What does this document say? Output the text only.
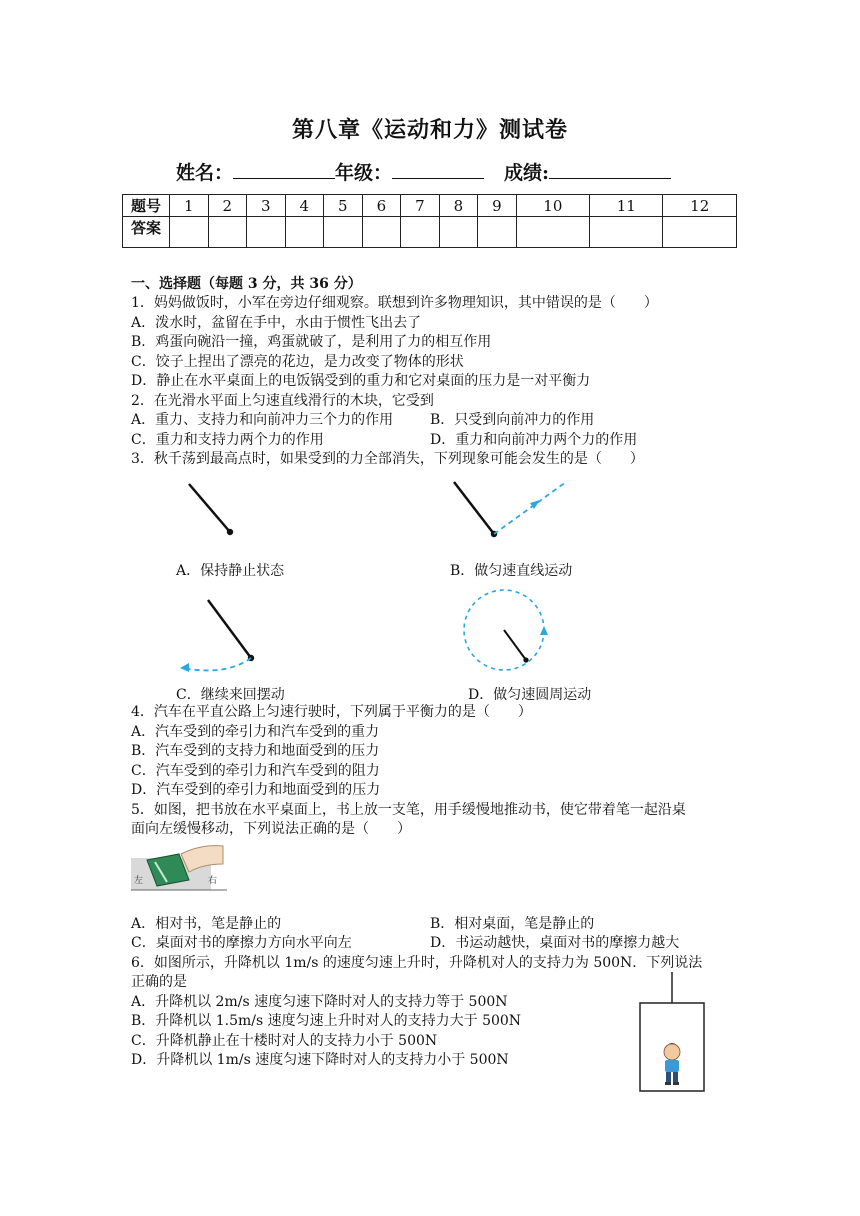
第八章《运动和力》测试卷
姓名：	年级：	成绩:
题号	1	2	3	4	5	6	7	8	9	10	11	12
答案												
一、选择题（每题 3 分，共 36 分）
1．妈妈做饭时，小军在旁边仔细观察。联想到许多物理知识，其中错误的是（　　）
A．泼水时，盆留在手中，水由于惯性飞出去了
B．鸡蛋向碗沿一撞，鸡蛋就破了，是利用了力的相互作用
C．饺子上捏出了漂亮的花边，是力改变了物体的形状
D．静止在水平桌面上的电饭锅受到的重力和它对桌面的压力是一对平衡力
2．在光滑水平面上匀速直线滑行的木块，它受到
A．重力、支持力和向前冲力三个力的作用	B．只受到向前冲力的作用
C．重力和支持力两个力的作用	D．重力和向前冲力两个力的作用
3．秋千荡到最高点时，如果受到的力全部消失，下列现象可能会发生的是（　　）
A．保持静止状态	B．做匀速直线运动
C．继续来回摆动	D．做匀速圆周运动
4．汽车在平直公路上匀速行驶时，下列属于平衡力的是（　　）
A．汽车受到的牵引力和汽车受到的重力
B．汽车受到的支持力和地面受到的压力
C．汽车受到的牵引力和汽车受到的阻力
D．汽车受到的牵引力和地面受到的压力
5．如图，把书放在水平桌面上，书上放一支笔，用手缓慢地推动书，使它带着笔一起沿桌
面向左缓慢移动，下列说法正确的是（　　）
左	右
A．相对书，笔是静止的	B．相对桌面，笔是静止的
C．桌面对书的摩擦力方向水平向左	D．书运动越快，桌面对书的摩擦力越大
6．如图所示，升降机以 1m/s 的速度匀速上升时，升降机对人的支持力为 500N．下列说法
正确的是
A．升降机以 2m/s 速度匀速下降时对人的支持力等于 500N
B．升降机以 1.5m/s 速度匀速上升时对人的支持力大于 500N
C．升降机静止在十楼时对人的支持力小于 500N
D．升降机以 1m/s 速度匀速下降时对人的支持力小于 500N
